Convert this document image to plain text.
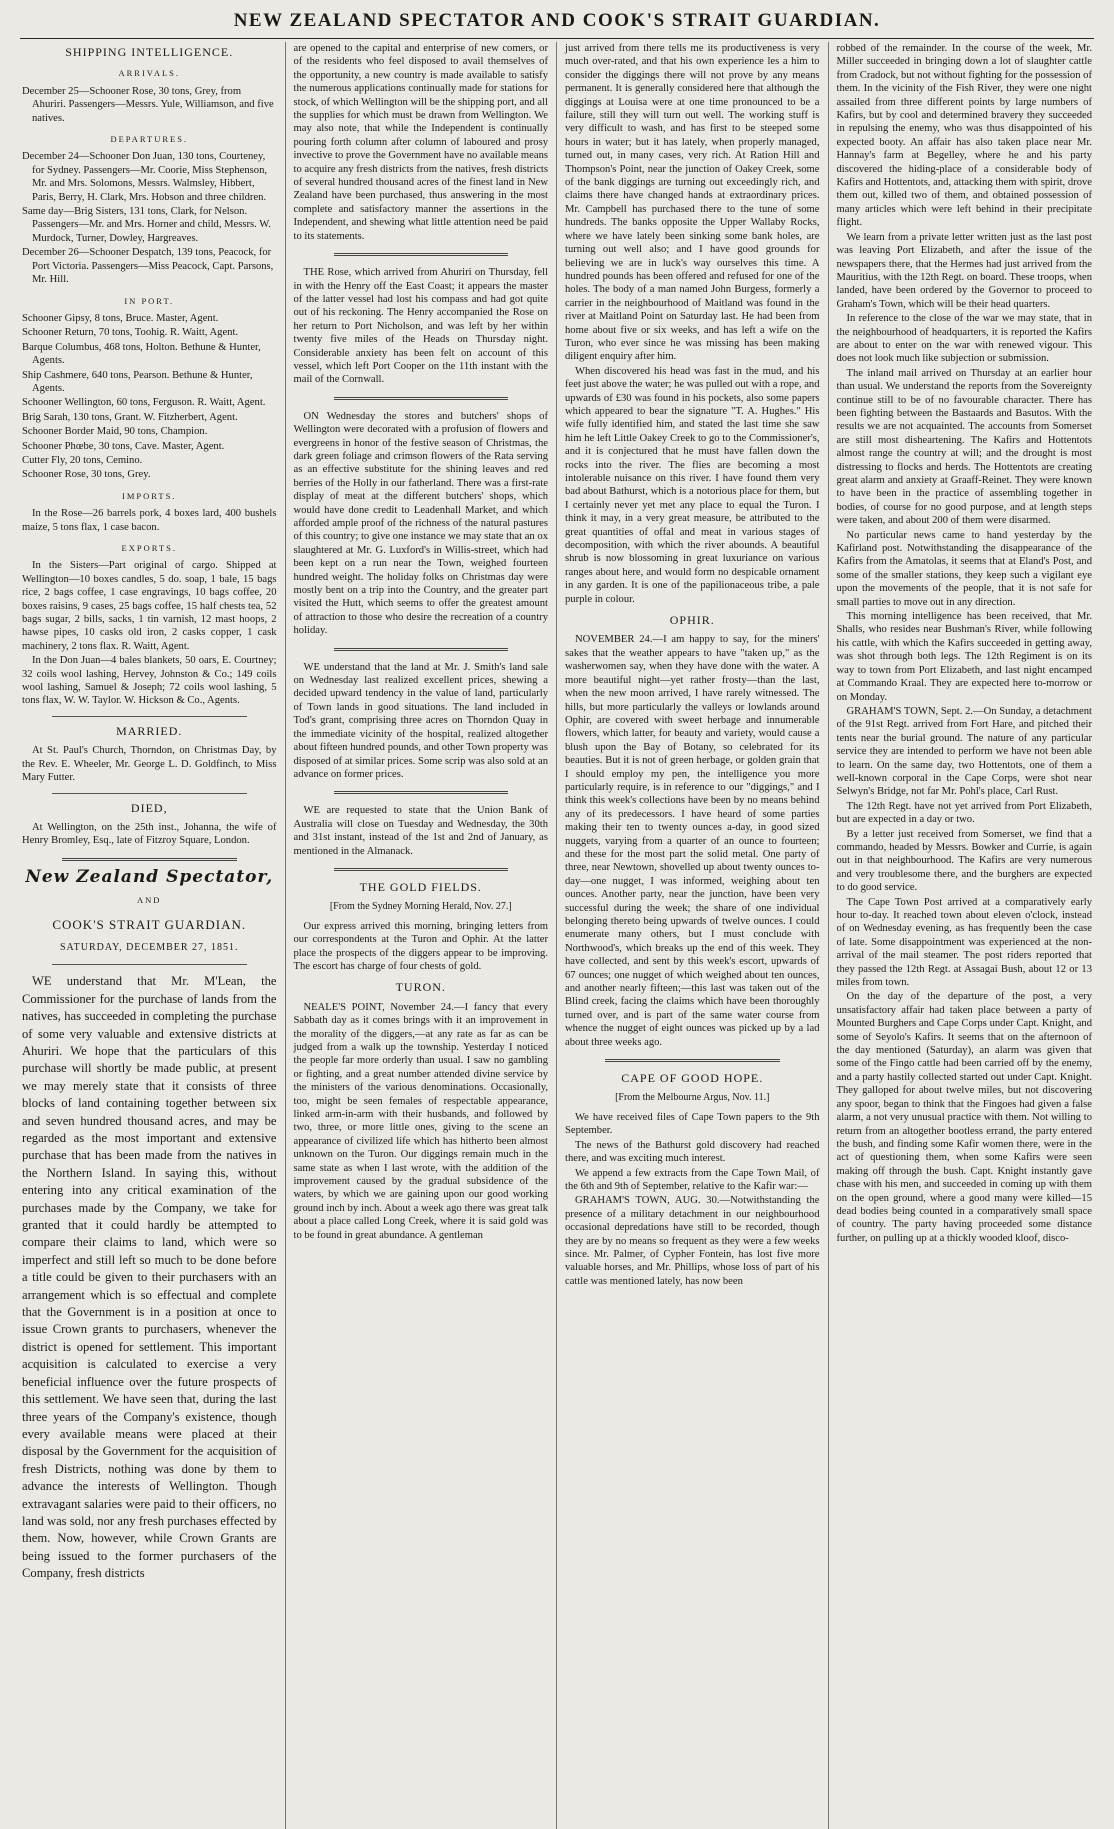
NEW ZEALAND SPECTATOR AND COOK'S STRAIT GUARDIAN.
SHIPPING INTELLIGENCE.
ARRIVALS.
December 25—Schooner Rose, 30 tons, Grey, from Ahuriri. Passengers—Messrs. Yule, Williamson, and five natives.
DEPARTURES.
December 24—Schooner Don Juan, 130 tons, Courteney, for Sydney. Passengers—Mr. Coorie, Miss Stephenson, Mr. and Mrs. Solomons, Messrs. Walmsley, Hibbert, Paris, Berry, H. Clark, Mrs. Hobson and three children.
Same day—Brig Sisters, 131 tons, Clark, for Nelson. Passengers—Mr. and Mrs. Horner and child, Messrs. W. Murdock, Turner, Dowley, Hargreaves.
December 26—Schooner Despatch, 139 tons, Peacock, for Port Victoria. Passengers—Miss Peacock, Capt. Parsons, Mr. Hill.
IN PORT.
Schooner Gipsy, 8 tons, Bruce. Master, Agent.
Schooner Return, 70 tons, Toohig. R. Waitt, Agent.
Barque Columbus, 468 tons, Holton. Bethune & Hunter, Agents.
Ship Cashmere, 640 tons, Pearson. Bethune & Hunter, Agents.
Schooner Wellington, 60 tons, Ferguson. R. Waitt, Agent.
Brig Sarah, 130 tons, Grant. W. Fitzherbert, Agent.
Schooner Border Maid, 90 tons, Champion.
Schooner Phœbe, 30 tons, Cave. Master, Agent.
Cutter Fly, 20 tons, Cemino.
Schooner Rose, 30 tons, Grey.
IMPORTS.

In the Rose—26 barrels pork, 4 boxes lard, 400 bushels maize, 5 tons flax, 1 case bacon.

EXPORTS.

In the Sisters—Part original of cargo. Shipped at Wellington—10 boxes candles, 5 do. soap, 1 bale, 15 bags rice, 2 bags coffee, 1 case engravings, 10 bags coffee, 20 boxes raisins, 9 cases, 25 bags coffee, 15 half chests tea, 52 bags sugar, 2 bills, sacks, 1 tin varnish, 12 mast hoops, 2 hawse pipes, 10 casks old iron, 2 casks copper, 1 cask machinery, 2 tons flax. R. Waitt, Agent.

In the Don Juan—4 bales blankets, 50 oars, E. Courtney; 32 coils wool lashing, Hervey, Johnston & Co.; 149 coils wool lashing, Samuel & Joseph; 72 coils wool lashing, 5 tons flax, W. W. Taylor. W. Hickson & Co., Agents.

MARRIED.

At St. Paul's Church, Thorndon, on Christmas Day, by the Rev. E. Wheeler, Mr. George L. D. Goldfinch, to Miss Mary Futter.

DIED,

At Wellington, on the 25th inst., Johanna, the wife of Henry Bromley, Esq., late of Fitzroy Square, London.

New Zealand Spectator,
AND
COOK'S STRAIT GUARDIAN.
SATURDAY, DECEMBER 27, 1851.

WE understand that Mr. M'Lean, the Commissioner for the purchase of lands from the natives, has succeeded in completing the purchase of some very valuable and extensive districts at Ahuriri. We hope that the particulars of this purchase will shortly be made public, at present we may merely state that it consists of three blocks of land containing together between six and seven hundred thousand acres, and may be regarded as the most important and extensive purchase that has been made from the natives in the Northern Island. In saying this, without entering into any critical examination of the purchases made by the Company, we take for granted that it could hardly be attempted to compare their claims to land, which were so imperfect and still left so much to be done before a title could be given to their purchasers with an arrangement which is so effectual and complete that the Government is in a position at once to issue Crown grants to purchasers, whenever the district is opened for settlement. This important acquisition is calculated to exercise a very beneficial influence over the future prospects of this settlement. We have seen that, during the last three years of the Company's existence, though every available means were placed at their disposal by the Government for the acquisition of fresh Districts, nothing was done by them to advance the interests of Wellington. Though extravagant salaries were paid to their officers, no land was sold, nor any fresh purchases effected by them. Now, however, while Crown Grants are being issued to the former purchasers of the Company, fresh districts

are opened to the capital and enterprise of new comers, or of the residents who feel disposed to avail themselves of the opportunity, a new country is made available to satisfy the numerous applications continually made for stations for stock, of which Wellington will be the shipping port, and all the supplies for which must be drawn from Wellington. We may also note, that while the Independent is continually pouring forth column after column of laboured and prosy invective to prove the Government have no available means to acquire any fresh districts from the natives, fresh districts of several hundred thousand acres of the finest land in New Zealand have been purchased, thus answering in the most complete and satisfactory manner the assertions in the Independent, and shewing what little attention need be paid to its statements.

THE Rose, which arrived from Ahuriri on Thursday, fell in with the Henry off the East Coast; it appears the master of the latter vessel had lost his compass and had got quite out of his reckoning. The Henry accompanied the Rose on her return to Port Nicholson, and was left by her within twenty five miles of the Heads on Thursday night. Considerable anxiety has been felt on account of this vessel, which left Port Cooper on the 11th instant with the mail of the Cornwall.

ON Wednesday the stores and butchers' shops of Wellington were decorated with a profusion of flowers and evergreens in honor of the festive season of Christmas, the dark green foliage and crimson flowers of the Rata serving as an effective substitute for the shining leaves and red berries of the Holly in our fatherland. There was a first-rate display of meat at the different butchers' shops, which would have done credit to Leadenhall Market, and which afforded ample proof of the richness of the natural pastures of this country; to give one instance we may state that an ox slaughtered at Mr. G. Luxford's in Willis-street, which had been kept on a run near the Town, weighed fourteen hundred weight. The holiday folks on Christmas day were mostly bent on a trip into the Country, and the greater part visited the Hutt, which seems to offer the greatest amount of attraction to those who desire the recreation of a country holiday.

WE understand that the land at Mr. J. Smith's land sale on Wednesday last realized excellent prices, shewing a decided upward tendency in the value of land, particularly of Town lands in good situations. The land included in Tod's grant, comprising three acres on Thorndon Quay in the immediate vicinity of the hospital, realized altogether about fifteen hundred pounds, and other Town property was disposed of at similar prices. Some scrip was also sold at an advance on former prices.

WE are requested to state that the Union Bank of Australia will close on Tuesday and Wednesday, the 30th and 31st instant, instead of the 1st and 2nd of January, as mentioned in the Almanack.

THE GOLD FIELDS.
[From the Sydney Morning Herald, Nov. 27.]

Our express arrived this morning, bringing letters from our correspondents at the Turon and Ophir. At the latter place the prospects of the diggers appear to be improving. The escort has charge of four chests of gold.

TURON.

NEALE'S POINT, November 24.—I fancy that every Sabbath day as it comes brings with it an improvement in the morality of the diggers,—at any rate as far as can be judged from a walk up the township. Yesterday I noticed the people far more orderly than usual. I saw no gambling or fighting, and a great number attended divine service by the ministers of the various denominations. Occasionally, too, might be seen females of respectable appearance, linked arm-in-arm with their husbands, and followed by two, three, or more little ones, giving to the scene an appearance of civilized life which has hitherto been almost unknown on the Turon. Our diggings remain much in the same state as when I last wrote, with the addition of the improvement caused by the gradual subsidence of the waters, by which we are gaining upon our good working ground inch by inch. About a week ago there was great talk about a place called Long Creek, where it is said gold was to be found in great abundance. A gentleman

just arrived from there tells me its productiveness is very much over-rated, and that his own experience les a him to consider the diggings there will not prove by any means permanent. It is generally considered here that although the diggings at Louisa were at one time pronounced to be a failure, still they will turn out well. The working stuff is very difficult to wash, and has first to be steeped some hours in water; but it has lately, when properly managed, turned out, in many cases, very rich. At Ration Hill and Thompson's Point, near the junction of Oakey Creek, some of the bank diggings are turning out exceedingly rich, and claims there have changed hands at extraordinary prices. Mr. Campbell has purchased there to the tune of some hundreds. The banks opposite the Upper Wallaby Rocks, where we have lately been sinking some bank holes, are turning out well also; and I have good grounds for believing we are in luck's way ourselves this time. A hundred pounds has been offered and refused for one of the holes. The body of a man named John Burgess, formerly a carrier in the neighbourhood of Maitland was found in the river at Maitland Point on Saturday last. He had been from home about five or six weeks, and has left a wife on the Turon, who ever since he was missing has been making diligent enquiry after him.

When discovered his head was fast in the mud, and his feet just above the water; he was pulled out with a rope, and upwards of £30 was found in his pockets, also some papers which appeared to bear the signature "T. A. Hughes." His wife fully identified him, and stated the last time she saw him he left Little Oakey Creek to go to the Commissioner's, and it is conjectured that he must have fallen down the rocks into the river. The flies are becoming a most intolerable nuisance on this river. I have found them very bad about Bathurst, which is a notorious place for them, but I certainly never yet met any place to equal the Turon. I think it may, in a very great measure, be attributed to the great quantities of offal and meat in various stages of decomposition, with which the river abounds. A beautiful shrub is now blossoming in great luxuriance on various ranges about here, and would form no despicable ornament in any garden. It is one of the papilionaceous tribe, a pale purple in colour.

OPHIR.

NOVEMBER 24.—I am happy to say, for the miners' sakes that the weather appears to have "taken up," as the washerwomen say, when they have done with the water. A more beautiful night—yet rather frosty—than the last, when the new moon arrived, I have rarely witnessed. The hills, but more particularly the valleys or lowlands around Ophir, are covered with sweet herbage and innumerable flowers, which latter, for beauty and variety, would cause a blush upon the Bay of Botany, so celebrated for its beauties. But it is not of green herbage, or golden grain that I should employ my pen, the intelligence you more particularly require, is in reference to our "diggings," and I think this week's collections have been by no means behind any of its predecessors. I have heard of some parties making their ten to twenty ounces a-day, in good sized nuggets, varying from a quarter of an ounce to fourteen; and these for the most part the solid metal. One party of three, near Newtown, shovelled up about twenty ounces to-day—one nugget, I was informed, weighing about ten ounces. Another party, near the junction, have been very successful during the week; the share of one individual belonging thereto being upwards of twelve ounces. I could enumerate many others, but I must conclude with Northwood's, which breaks up the end of this week. They have collected, and sent by this week's escort, upwards of 67 ounces; one nugget of which weighed about ten ounces, and another nearly fifteen;—this last was taken out of the Blind creek, facing the claims which have been thoroughly turned over, and is part of the same water course from whence the nugget of eight ounces was picked up by a lad about three weeks ago.

CAPE OF GOOD HOPE.
[From the Melbourne Argus, Nov. 11.]

We have received files of Cape Town papers to the 9th September.

The news of the Bathurst gold discovery had reached there, and was exciting much interest.

We append a few extracts from the Cape Town Mail, of the 6th and 9th of September, relative to the Kafir war:—

GRAHAM'S TOWN, AUG. 30.—Notwithstanding the presence of a military detachment in our neighbourhood occasional depredations have still to be recorded, though they are by no means so frequent as they were a few weeks since. Mr. Palmer, of Cypher Fontein, has lost five more valuable horses, and Mr. Phillips, whose loss of part of his cattle was mentioned lately, has now been

robbed of the remainder. In the course of the week, Mr. Miller succeeded in bringing down a lot of slaughter cattle from Cradock, but not without fighting for the possession of them. In the vicinity of the Fish River, they were one night assailed from three different points by large numbers of Kafirs, but by cool and determined bravery they succeeded in repulsing the enemy, who was thus disappointed of his expected booty. An affair has also taken place near Mr. Hannay's farm at Begelley, where he and his party discovered the hiding-place of a considerable body of Kafirs and Hottentots, and, attacking them with spirit, drove them out, killed two of them, and obtained possession of many articles which were left behind in their precipitate flight.

We learn from a private letter written just as the last post was leaving Port Elizabeth, and after the issue of the newspapers there, that the Hermes had just arrived from the Mauritius, with the 12th Regt. on board. These troops, when landed, have been ordered by the Governor to proceed to Graham's Town, which will be their head quarters.

In reference to the close of the war we may state, that in the neighbourhood of headquarters, it is reported the Kafirs are about to enter on the war with renewed vigour. This does not look much like subjection or submission.

The inland mail arrived on Thursday at an earlier hour than usual. We understand the reports from the Sovereignty continue still to be of no favourable character. There has been fighting between the Bastaards and Basutos. With the results we are not acquainted. The accounts from Somerset are still most disheartening. The Kafirs and Hottentots almost range the country at will; and the drought is most distressing to flocks and herds. The Hottentots are creating great alarm and anxiety at Graaff-Reinet. They were known to have been in the practice of assembling together in bodies, of course for no good purpose, and at length steps were taken, and about 200 of them were disarmed.

No particular news came to hand yesterday by the Kafirland post. Notwithstanding the disappearance of the Kafirs from the Amatolas, it seems that at Eland's Post, and some of the smaller stations, they keep such a vigilant eye upon the movements of the people, that it is not safe for small parties to move out in any direction.

This morning intelligence has been received, that Mr. Shalls, who resides near Bushman's River, while following his cattle, with which the Kafirs succeeded in getting away, was shot through both legs. The 12th Regiment is on its way to town from Port Elizabeth, and last night encamped at Commando Kraal. They are expected here to-morrow or on Monday.

GRAHAM'S TOWN, Sept. 2.—On Sunday, a detachment of the 91st Regt. arrived from Fort Hare, and pitched their tents near the burial ground. The nature of any particular service they are intended to perform we have not been able to learn. On the same day, two Hottentots, one of them a well-known corporal in the Cape Corps, were shot near Selwyn's Bridge, not far Mr. Pohl's place, Carl Rust.

The 12th Regt. have not yet arrived from Port Elizabeth, but are expected in a day or two.

By a letter just received from Somerset, we find that a commando, headed by Messrs. Bowker and Currie, is again out in that neighbourhood. The Kafirs are very numerous and very troublesome there, and the burghers are expected to do good service.

The Cape Town Post arrived at a comparatively early hour to-day. It reached town about eleven o'clock, instead of on Wednesday evening, as has frequently been the case of late. Some disappointment was experienced at the non-arrival of the mail steamer. The post riders reported that they passed the 12th Regt. at Assagai Bush, about 12 or 13 miles from town.

On the day of the departure of the post, a very unsatisfactory affair had taken place between a party of Mounted Burghers and Cape Corps under Capt. Knight, and some of Seyolo's Kafirs. It seems that on the afternoon of the day mentioned (Saturday), an alarm was given that some of the Fingo cattle had been carried off by the enemy, and a party hastily collected started out under Capt. Knight. They galloped for about twelve miles, but not discovering any spoor, began to think that the Fingoes had given a false alarm, a not very unusual practice with them. Not willing to return from an altogether bootless errand, the party entered the bush, and finding some Kafir women there, were in the act of questioning them, when some Kafirs were seen making off through the bush. Capt. Knight instantly gave chase with his men, and succeeded in coming up with them on the open ground, where a good many were killed—15 dead bodies being counted in a comparatively small space of country. The party having proceeded some distance further, on pulling up at a thickly wooded kloof, disco-
